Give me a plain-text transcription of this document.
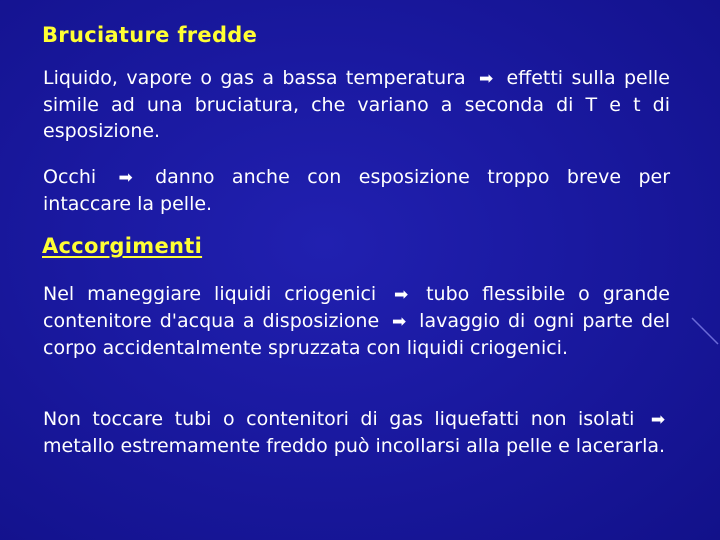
Bruciature fredde
Liquido, vapore o gas a bassa temperatura ➡ effetti sulla pelle simile ad una bruciatura, che variano a seconda di T e t di esposizione.
Occhi ➡ danno anche con esposizione troppo breve per intaccare la pelle.
Accorgimenti
Nel maneggiare liquidi criogenici ➡ tubo flessibile o grande contenitore d'acqua a disposizione ➡ lavaggio di ogni parte del corpo accidentalmente spruzzata con liquidi criogenici.
Non toccare tubi o contenitori di gas liquefatti non isolati ➡ metallo estremamente freddo può incollarsi alla pelle e lacerarla.
